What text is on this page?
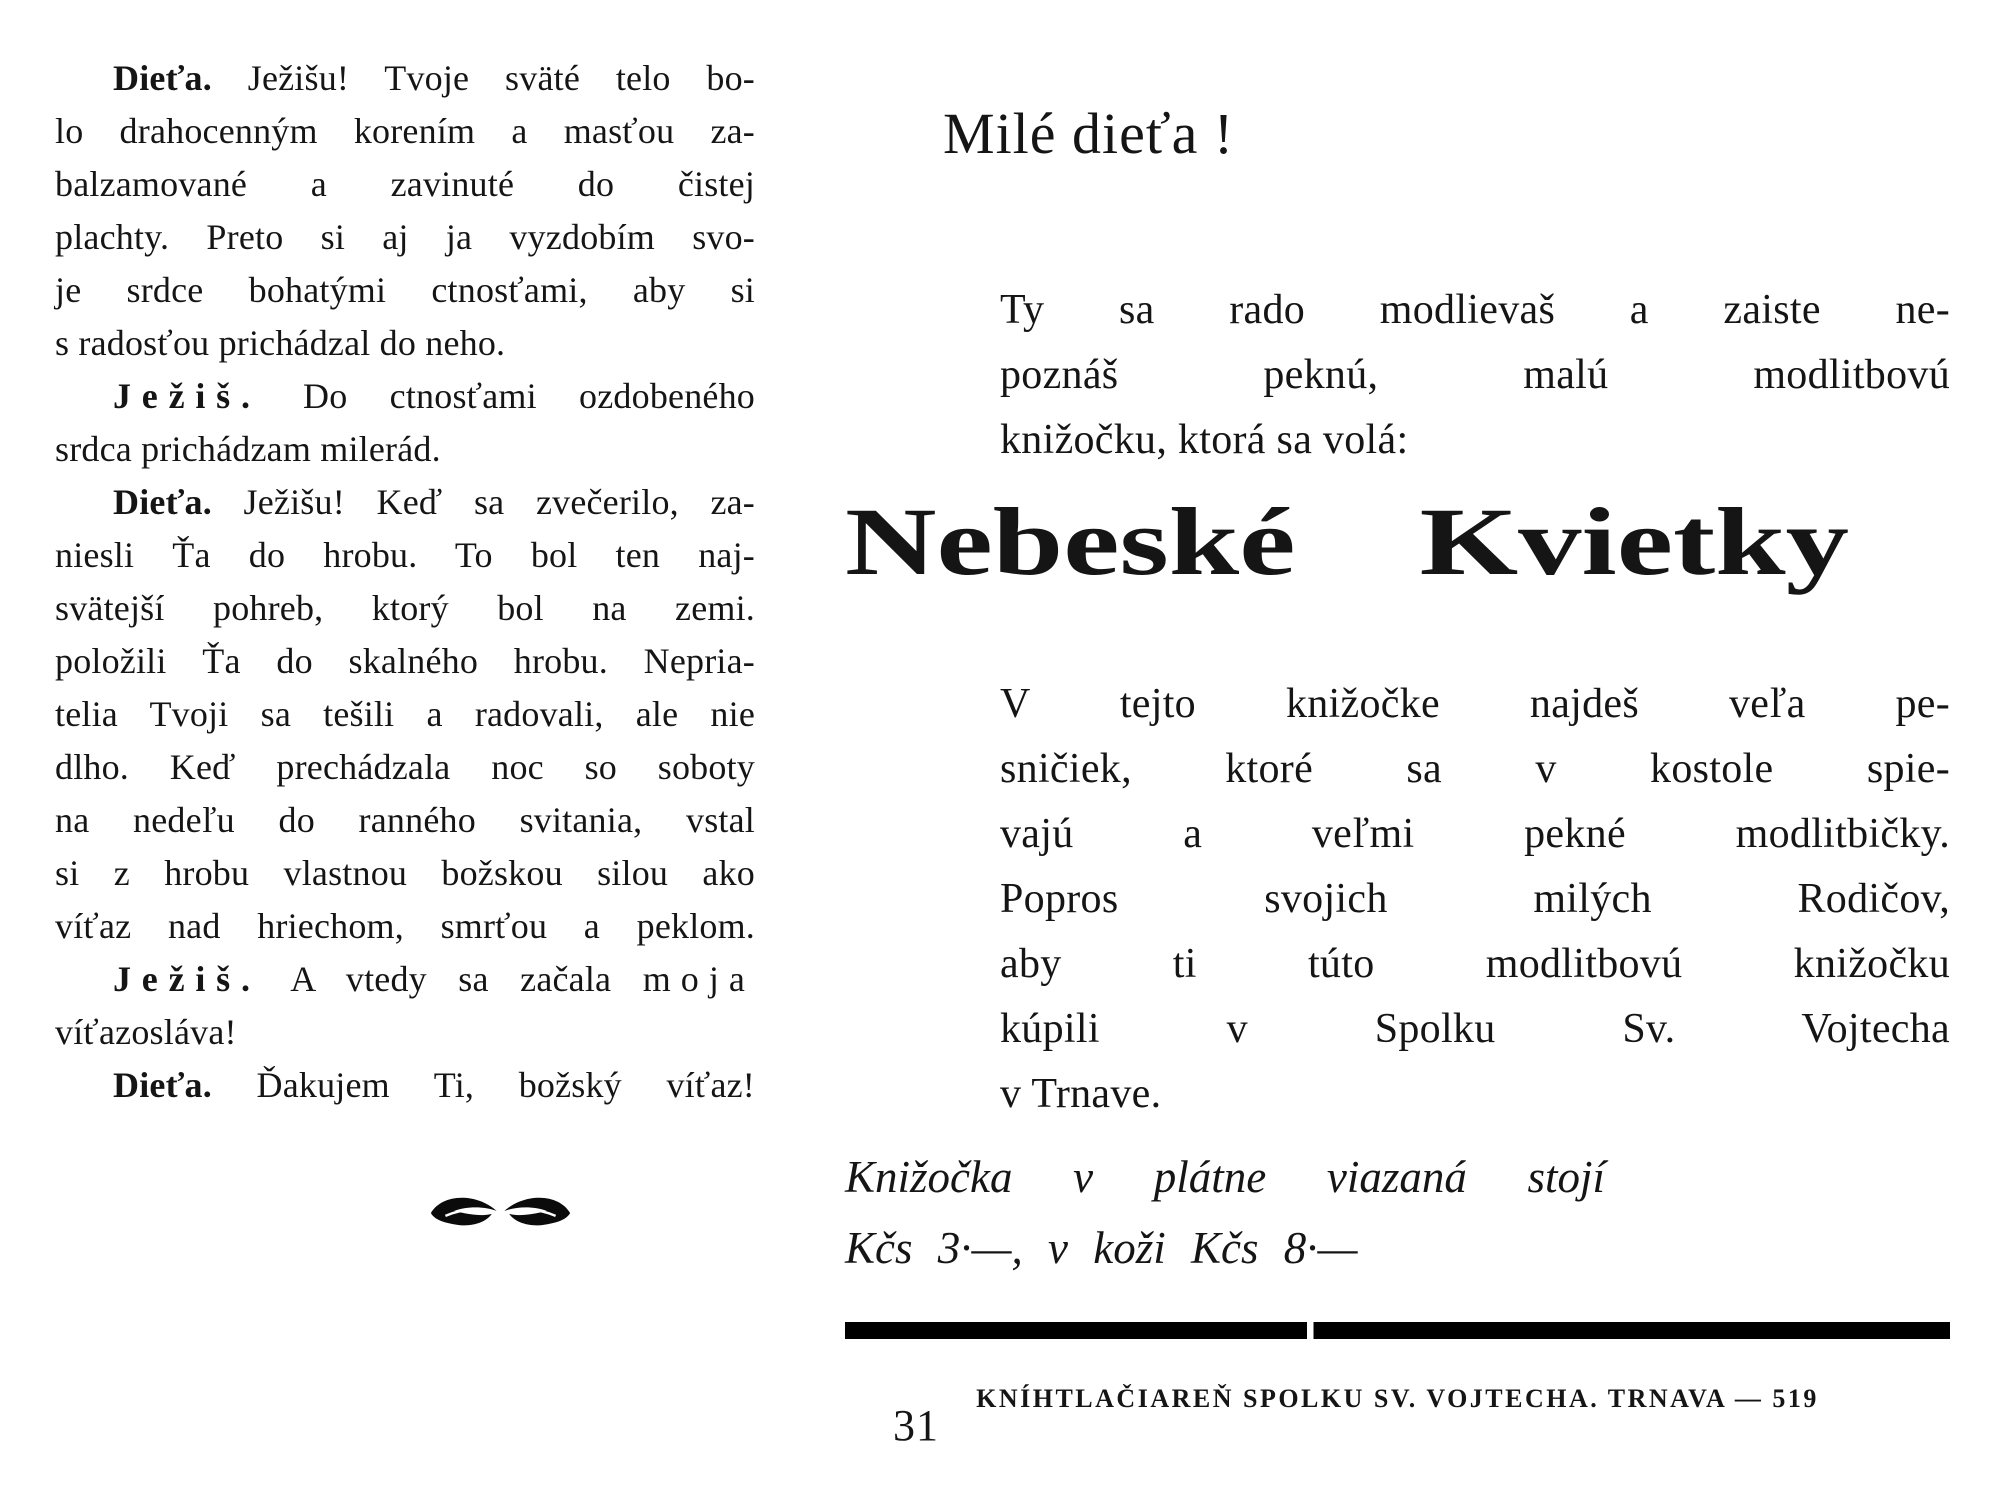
Dieťa. Ježišu! Tvoje sväté telo bo-
lo drahocenným korením a masťou za-
balzamované a zavinuté do čistej
plachty. Preto si aj ja vyzdobím svo-
je srdce bohatými ctnosťami, aby si
s radosťou prichádzal do neho.
Ježiš. Do ctnosťami ozdobeného
srdca prichádzam milerád.
Dieťa. Ježišu! Keď sa zvečerilo, za-
niesli Ťa do hrobu. To bol ten naj-
svätejší pohreb, ktorý bol na zemi.
položili Ťa do skalného hrobu. Nepria-
telia Tvoji sa tešili a radovali, ale nie
dlho. Keď prechádzala noc so soboty
na nedeľu do ranného svitania, vstal
si z hrobu vlastnou božskou silou ako
víťaz nad hriechom, smrťou a peklom.
Ježiš. A vtedy sa začala moja
víťazosláva!
Dieťa. Ďakujem Ti, božský víťaz!
31
Milé dieťa !
Ty sa rado modlievaš a zaiste ne-
poznáš peknú, malú modlitbovú
knižočku, ktorá sa volá:
Nebeské Kvietky
V tejto knižočke najdeš veľa pe-
sničiek, ktoré sa v kostole spie-
vajú a veľmi pekné modlitbičky.
Popros svojich milých Rodičov,
aby ti túto modlitbovú knižočku
kúpili v Spolku Sv. Vojtecha
v Trnave.
Knižočka v plátne viazaná stojí
Kčs 3·—, v koži Kčs 8·—
KNÍHTLAČIAREŇ SPOLKU SV. VOJTECHA. TRNAVA — 519
